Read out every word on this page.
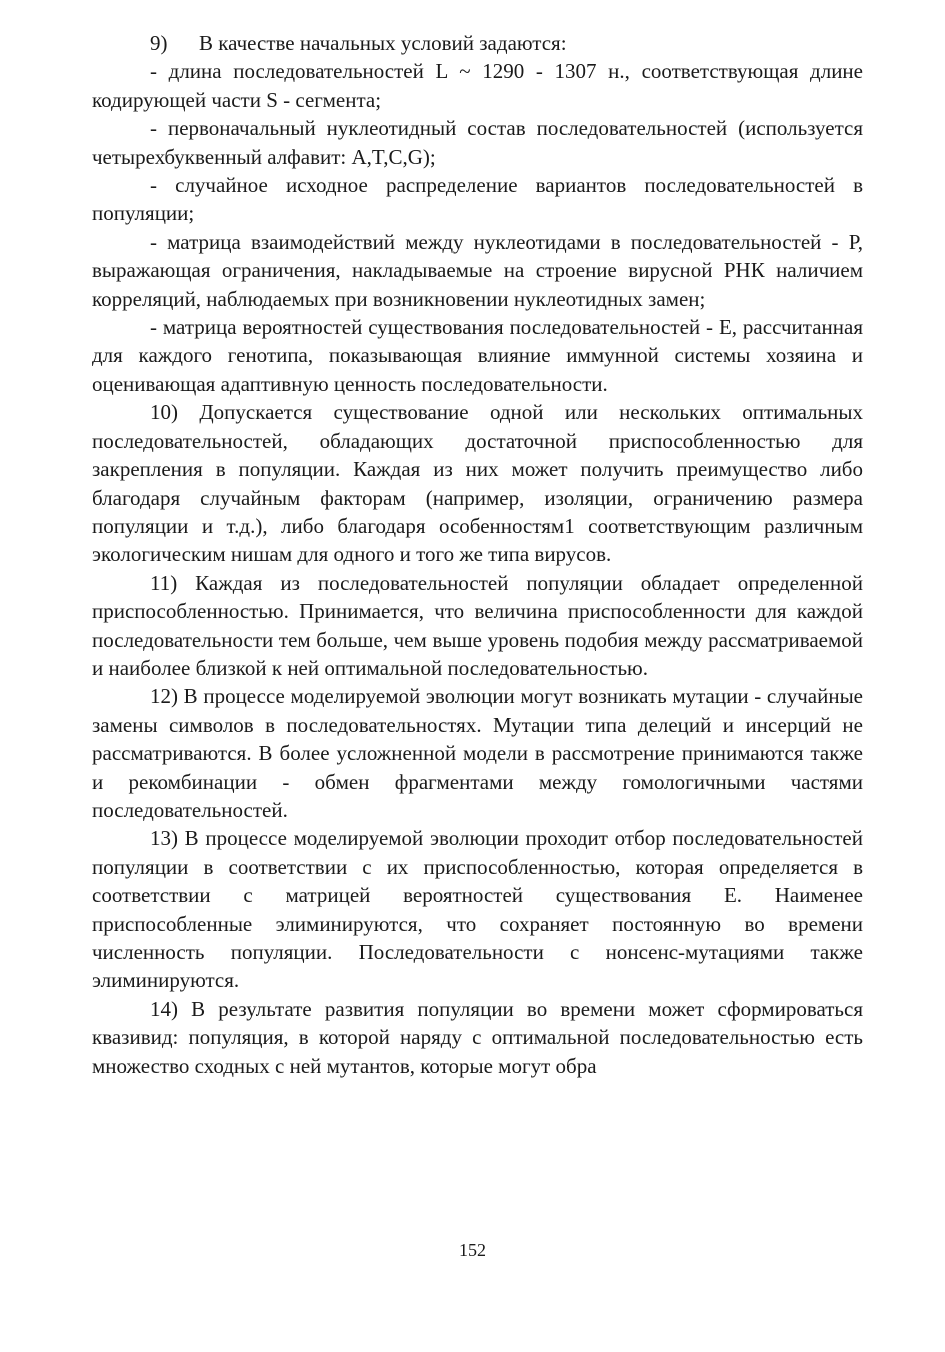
9)  В качестве начальных условий задаются:

- длина последовательностей L ~ 1290 - 1307 н., соответствующая длине кодирующей части S - сегмента;

- первоначальный нуклеотидный состав последовательностей (используется четырехбуквенный алфавит: A,T,C,G);

- случайное исходное распределение вариантов последовательностей в популяции;

- матрица взаимодействий между нуклеотидами в последовательностей - Р, выражающая ограничения, накладываемые на строение вирусной РНК наличием корреляций, наблюдаемых при возникновении нуклеотидных замен;

- матрица вероятностей существования последовательностей - Е, рассчитанная для каждого генотипа, показывающая влияние иммунной системы хозяина и оценивающая адаптивную ценность последовательности.

10) Допускается существование одной или нескольких оптимальных последовательностей, обладающих достаточной приспособленностью для закрепления в популяции. Каждая из них может получить преимущество либо благодаря случайным факторам (например, изоляции, ограничению размера популяции и т.д.), либо благодаря особенностям1 соответствующим различным экологическим нишам для одного и того же типа вирусов.

11) Каждая из последовательностей популяции обладает определенной приспособленностью. Принимается, что величина приспособленности для каждой последовательности тем больше, чем выше уровень подобия между рассматриваемой и наиболее близкой к ней оптимальной последовательностью.

12) В процессе моделируемой эволюции могут возникать мутации - случайные замены символов в последовательностях. Мутации типа делеций и инсерций не рассматриваются. В более усложненной модели в рассмотрение принимаются также и рекомбинации - обмен фрагментами между гомологичными частями последовательностей.

13) В процессе моделируемой эволюции проходит отбор последовательностей популяции в соответствии с их приспособленностью, которая определяется в соответствии с матрицей вероятностей существования Е. Наименее приспособленные элиминируются, что сохраняет постоянную во времени численность популяции. Последовательности с нонсенс-мутациями также элиминируются.

14) В результате развития популяции во времени может сформироваться квазивид: популяция, в которой наряду с оптимальной последовательностью есть множество сходных с ней мутантов, которые могут обра

152
